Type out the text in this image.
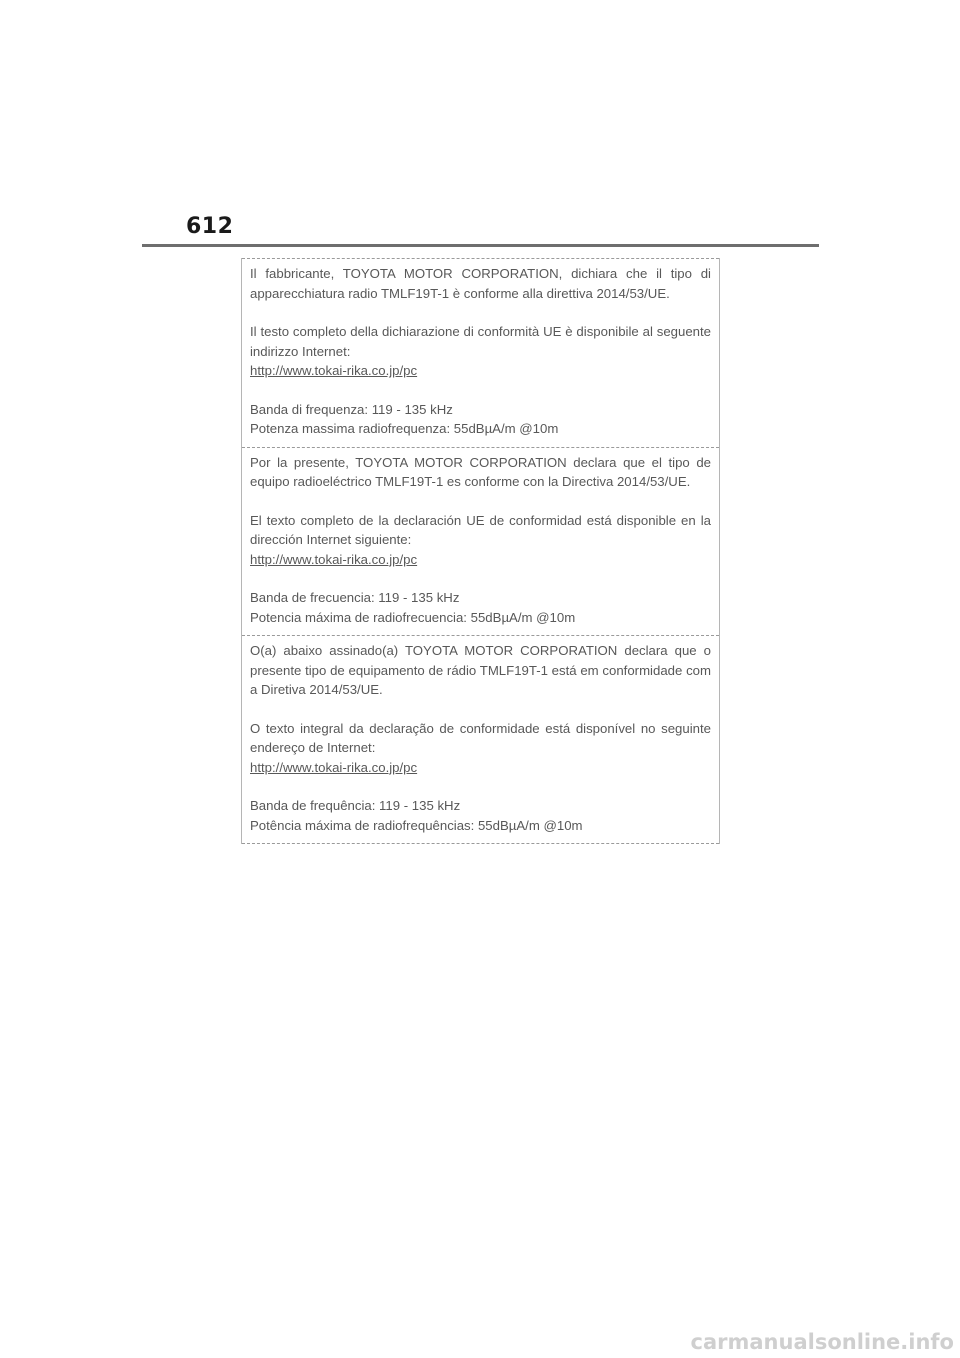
612

Il fabbricante, TOYOTA MOTOR CORPORATION, dichiara che il tipo di apparecchiatura radio TMLF19T-1 è conforme alla direttiva 2014/53/UE.

Il testo completo della dichiarazione di conformità UE è disponibile al seguente indirizzo Internet:
http://www.tokai-rika.co.jp/pc

Banda di frequenza: 119 - 135 kHz
Potenza massima radiofrequenza: 55dBµA/m @10m

Por la presente, TOYOTA MOTOR CORPORATION declara que el tipo de equipo radioeléctrico TMLF19T-1 es conforme con la Directiva 2014/53/UE.

El texto completo de la declaración UE de conformidad está disponible en la dirección Internet siguiente:
http://www.tokai-rika.co.jp/pc

Banda de frecuencia: 119 - 135 kHz
Potencia máxima de radiofrecuencia: 55dBµA/m @10m

O(a) abaixo assinado(a) TOYOTA MOTOR CORPORATION declara que o presente tipo de equipamento de rádio TMLF19T-1 está em conformidade com a Diretiva 2014/53/UE.

O texto integral da declaração de conformidade está disponível no seguinte endereço de Internet:
http://www.tokai-rika.co.jp/pc

Banda de frequência: 119 - 135 kHz
Potência máxima de radiofrequências: 55dBµA/m @10m

carmanualsonline.info
